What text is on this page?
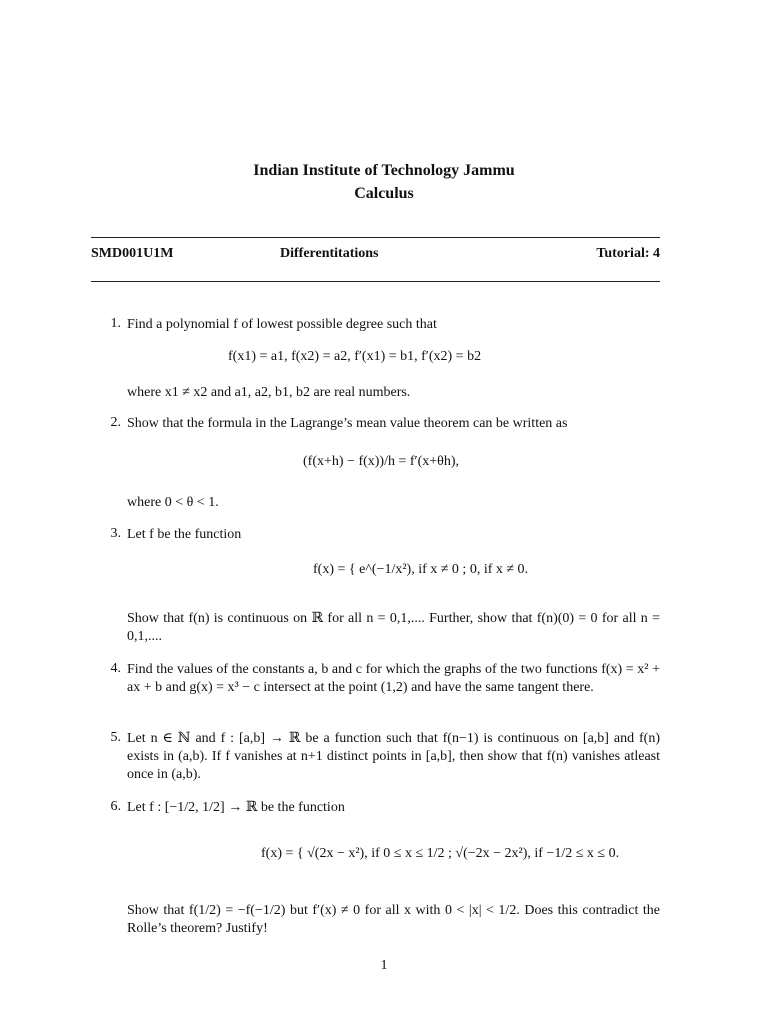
Indian Institute of Technology Jammu
Calculus
SMD001U1M	Differentitations	Tutorial: 4
1. Find a polynomial f of lowest possible degree such that
f(x1) = a1, f(x2) = a2, f′(x1) = b1, f′(x2) = b2
where x1 ≠ x2 and a1, a2, b1, b2 are real numbers.
2. Show that the formula in the Lagrange’s mean value theorem can be written as
(f(x+h) − f(x))/h = f′(x+θh),
where 0 < θ < 1.
3. Let f be the function
f(x) = { e^(−1/x²), if x ≠ 0 ; 0, if x ≠ 0.
Show that f(n) is continuous on ℝ for all n = 0,1,.... Further, show that f(n)(0) = 0 for all n = 0,1,....
4. Find the values of the constants a, b and c for which the graphs of the two functions f(x) = x² + ax + b and g(x) = x³ − c intersect at the point (1,2) and have the same tangent there.
5. Let n ∈ ℕ and f : [a,b] → ℝ be a function such that f(n−1) is continuous on [a,b] and f(n) exists in (a,b). If f vanishes at n+1 distinct points in [a,b], then show that f(n) vanishes atleast once in (a,b).
6. Let f : [−1/2, 1/2] → ℝ be the function
f(x) = { √(2x − x²), if 0 ≤ x ≤ 1/2 ; √(−2x − 2x²), if −1/2 ≤ x ≤ 0.
Show that f(1/2) = −f(−1/2) but f′(x) ≠ 0 for all x with 0 < |x| < 1/2. Does this contradict the Rolle’s theorem? Justify!
1
